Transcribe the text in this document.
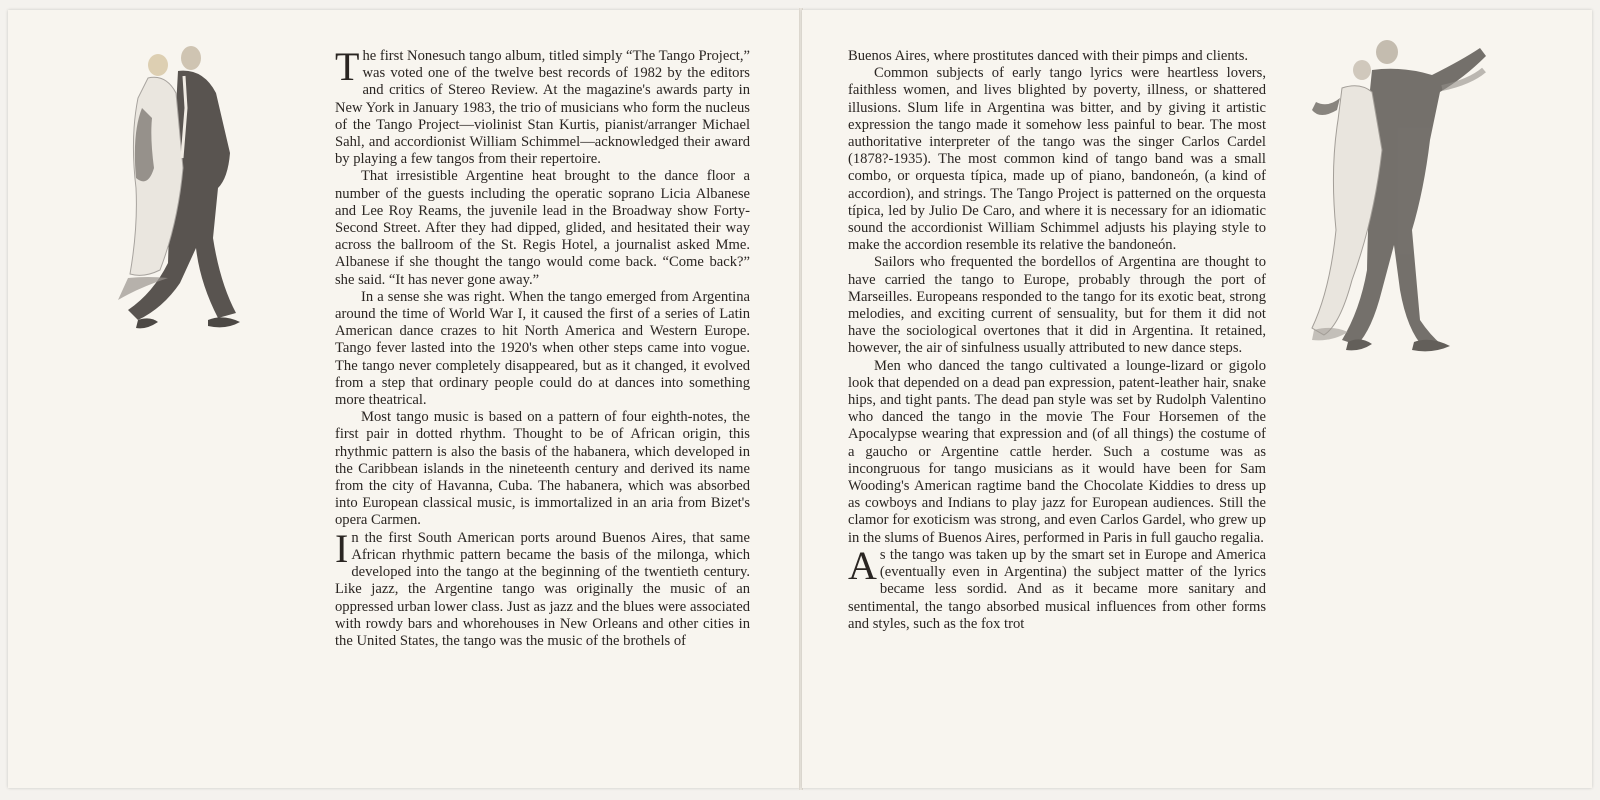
The first Nonesuch tango album, titled simply “The Tango Project,” was voted one of the twelve best records of 1982 by the editors and critics of Stereo Review. At the magazine's awards party in New York in January 1983, the trio of musicians who form the nucleus of the Tango Project—violinist Stan Kurtis, pianist/arranger Michael Sahl, and accordionist William Schimmel—acknowledged their award by playing a few tangos from their repertoire.

That irresistible Argentine heat brought to the dance floor a number of the guests including the operatic soprano Licia Albanese and Lee Roy Reams, the juvenile lead in the Broadway show Forty-Second Street. After they had dipped, glided, and hesitated their way across the ballroom of the St. Regis Hotel, a journalist asked Mme. Albanese if she thought the tango would come back. “Come back?” she said. “It has never gone away.”

In a sense she was right. When the tango emerged from Argentina around the time of World War I, it caused the first of a series of Latin American dance crazes to hit North America and Western Europe. Tango fever lasted into the 1920's when other steps came into vogue. The tango never completely disappeared, but as it changed, it evolved from a step that ordinary people could do at dances into something more theatrical.

Most tango music is based on a pattern of four eighth-notes, the first pair in dotted rhythm. Thought to be of African origin, this rhythmic pattern is also the basis of the habanera, which developed in the Caribbean islands in the nineteenth century and derived its name from the city of Havanna, Cuba. The habanera, which was absorbed into European classical music, is immortalized in an aria from Bizet's opera Carmen.

In the first South American ports around Buenos Aires, that same African rhythmic pattern became the basis of the milonga, which developed into the tango at the beginning of the twentieth century. Like jazz, the Argentine tango was originally the music of an oppressed urban lower class. Just as jazz and the blues were associated with rowdy bars and whorehouses in New Orleans and other cities in the United States, the tango was the music of the brothels of

Buenos Aires, where prostitutes danced with their pimps and clients.

Common subjects of early tango lyrics were heartless lovers, faithless women, and lives blighted by poverty, illness, or shattered illusions. Slum life in Argentina was bitter, and by giving it artistic expression the tango made it somehow less painful to bear. The most authoritative interpreter of the tango was the singer Carlos Cardel (1878?-1935). The most common kind of tango band was a small combo, or orquesta típica, made up of piano, bandoneón, (a kind of accordion), and strings. The Tango Project is patterned on the orquesta típica, led by Julio De Caro, and where it is necessary for an idiomatic sound the accordionist William Schimmel adjusts his playing style to make the accordion resemble its relative the bandoneón.

Sailors who frequented the bordellos of Argentina are thought to have carried the tango to Europe, probably through the port of Marseilles. Europeans responded to the tango for its exotic beat, strong melodies, and exciting current of sensuality, but for them it did not have the sociological overtones that it did in Argentina. It retained, however, the air of sinfulness usually attributed to new dance steps.

Men who danced the tango cultivated a lounge-lizard or gigolo look that depended on a dead pan expression, patent-leather hair, snake hips, and tight pants. The dead pan style was set by Rudolph Valentino who danced the tango in the movie The Four Horsemen of the Apocalypse wearing that expression and (of all things) the costume of a gaucho or Argentine cattle herder. Such a costume was as incongruous for tango musicians as it would have been for Sam Wooding's American ragtime band the Chocolate Kiddies to dress up as cowboys and Indians to play jazz for European audiences. Still the clamor for exoticism was strong, and even Carlos Gardel, who grew up in the slums of Buenos Aires, performed in Paris in full gaucho regalia.

As the tango was taken up by the smart set in Europe and America (eventually even in Argentina) the subject matter of the lyrics became less sordid. And as it became more sanitary and sentimental, the tango absorbed musical influences from other forms and styles, such as the fox trot
